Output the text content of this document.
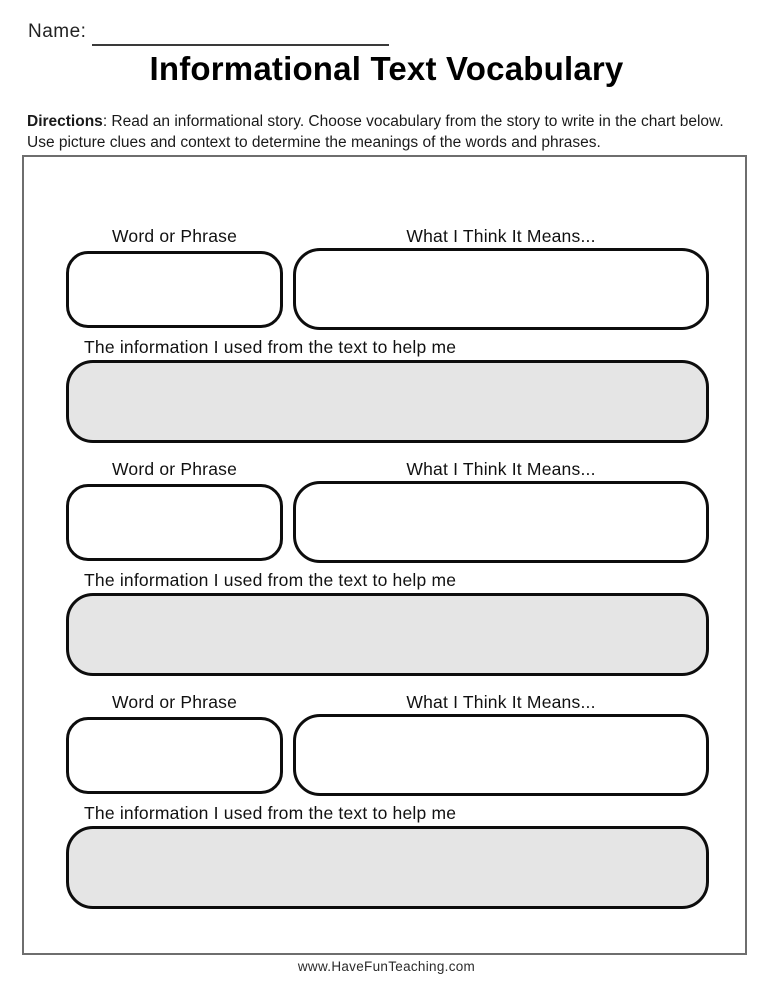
Name:
Informational Text Vocabulary
Directions: Read an informational story. Choose vocabulary from the story to write in the chart below. Use picture clues and context to determine the meanings of the words and phrases.
Word or Phrase	What I Think It Means...
The information I used from the text to help me
Word or Phrase	What I Think It Means...
The information I used from the text to help me
Word or Phrase	What I Think It Means...
The information I used from the text to help me
www.HaveFunTeaching.com
